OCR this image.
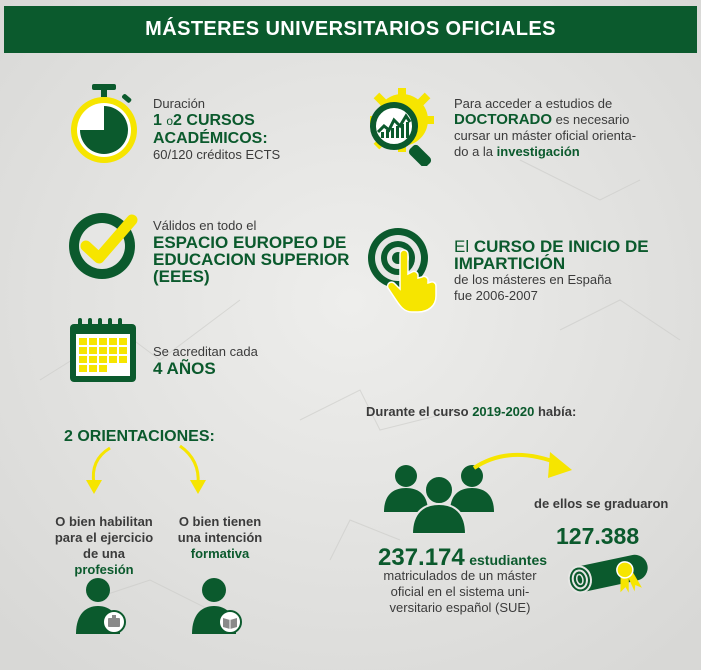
MÁSTERES UNIVERSITARIOS OFICIALES
Duración
1 o2 CURSOS
ACADÉMICOS:
60/120 créditos ECTS
Para acceder a estudios de
DOCTORADO es necesario
cursar un máster oficial orienta-
do a la investigación
Válidos en todo el
ESPACIO EUROPEO DE
EDUCACION SUPERIOR
(EEES)
El CURSO DE INICIO DE
IMPARTICIÓN
de los másteres en España
fue 2006-2007
Se acreditan cada
4 AÑOS
2 ORIENTACIONES:
O bien habilitan
para el ejercicio
de una profesión
O bien tienen
una intención
formativa
Durante el curso 2019-2020 había:
237.174 estudiantes
matriculados de un máster
oficial en el sistema uni-
versitario español (SUE)
de ellos se graduaron
127.388
